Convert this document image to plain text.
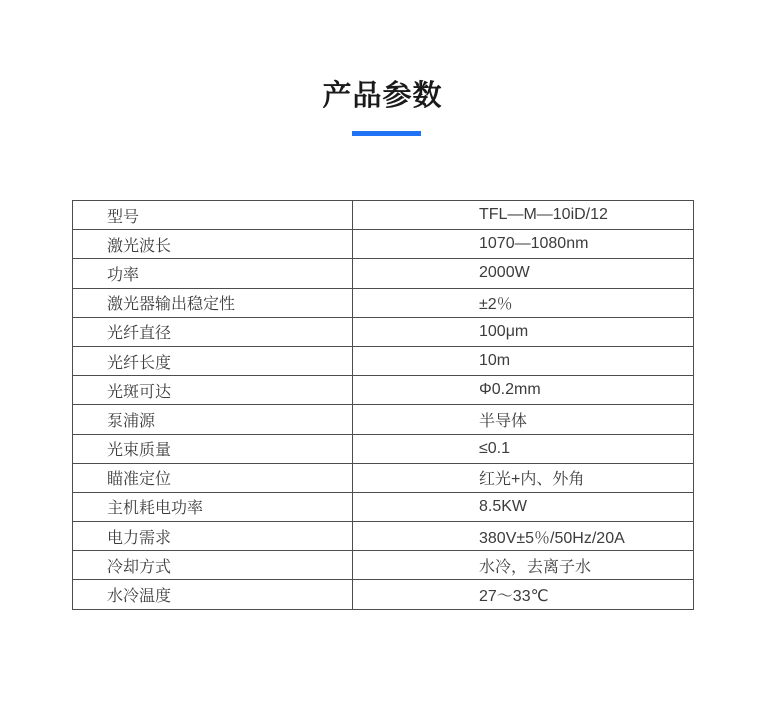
产品参数
型号	TFL—M—10iD/12
激光波长	1070—1080nm
功率	2000W
激光器输出稳定性	±2％
光纤直径	100μm
光纤长度	10m
光斑可达	Φ0.2mm
泵浦源	半导体
光束质量	≤0.1
瞄准定位	红光+内、外角
主机耗电功率	8.5KW
电力需求	380V±5％/50Hz/20A
冷却方式	水冷，去离子水
水冷温度	27～33℃
